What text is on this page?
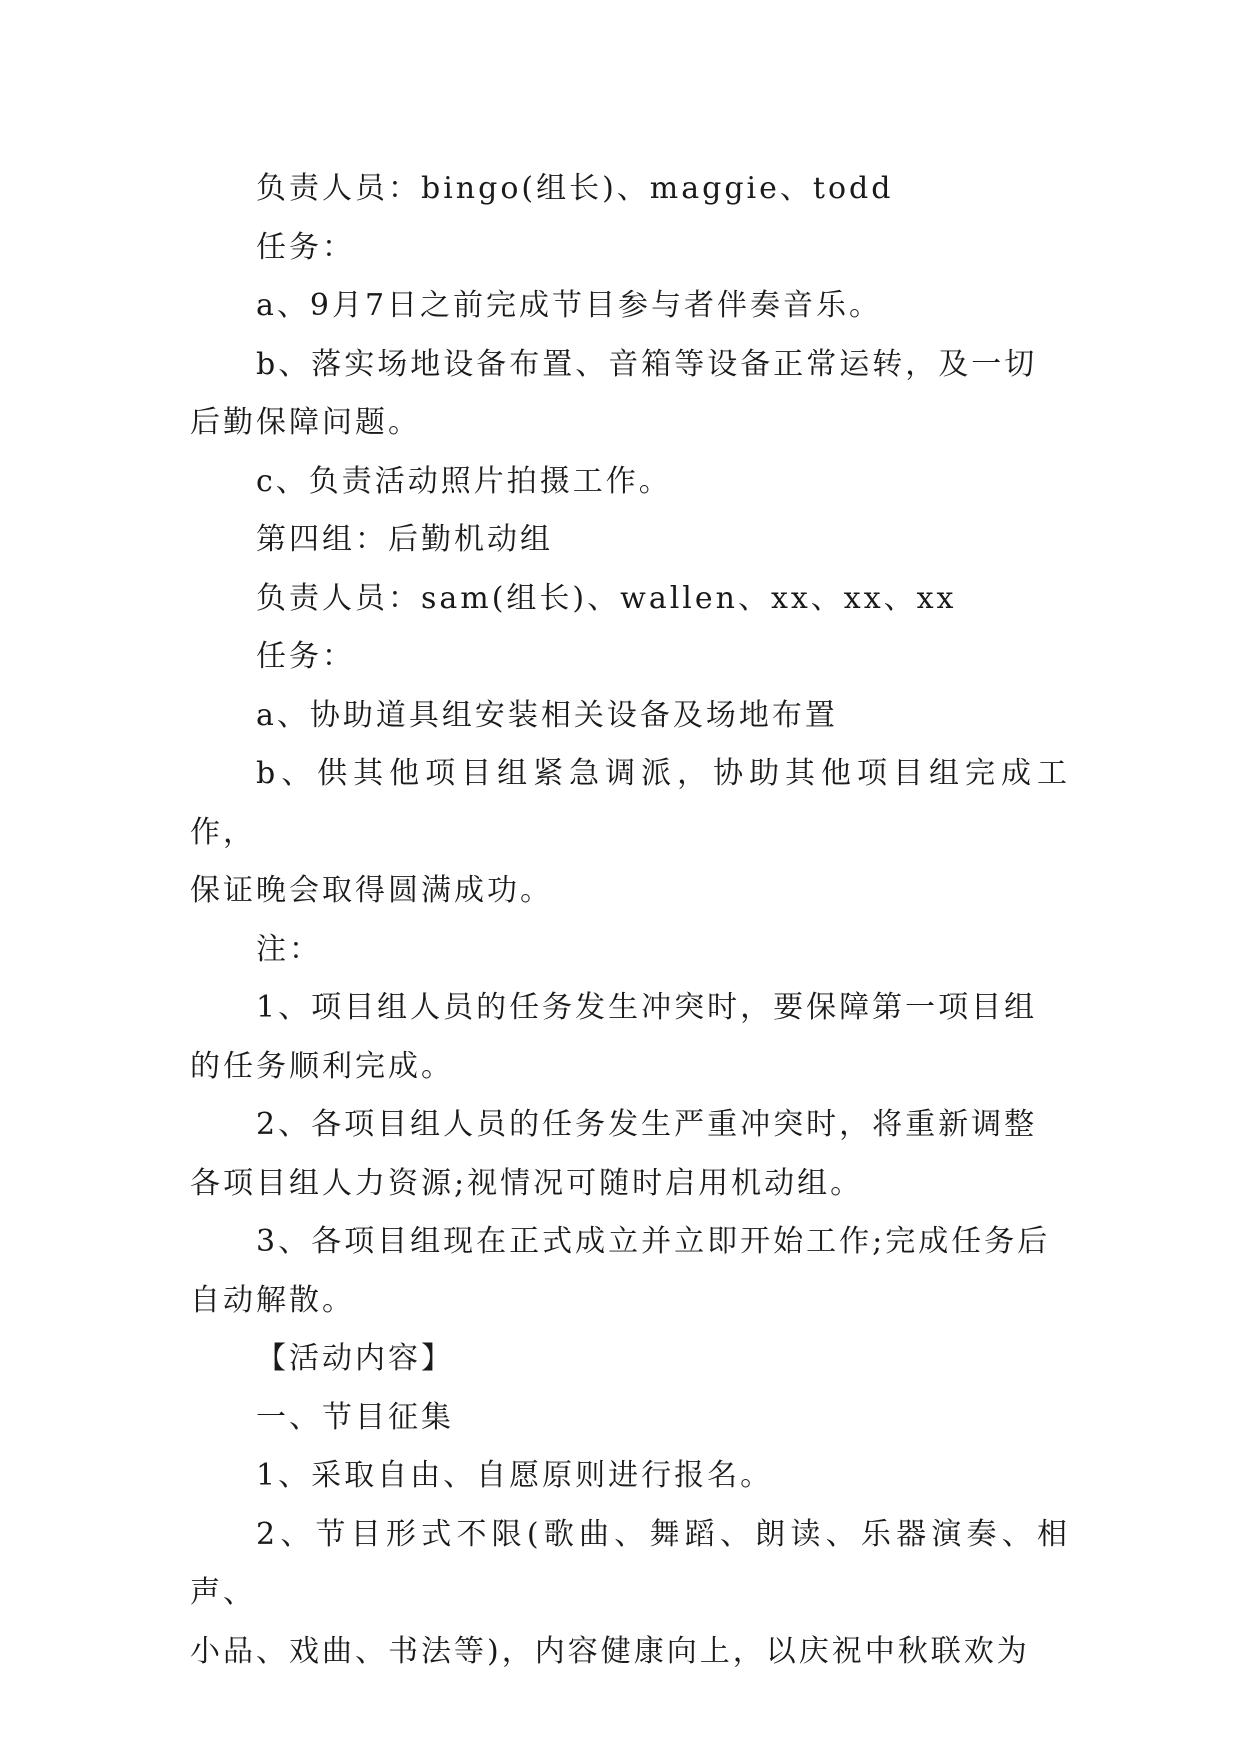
负责人员：bingo(组长)、maggie、todd
任务：
a、9月7日之前完成节目参与者伴奏音乐。
b、落实场地设备布置、音箱等设备正常运转，及一切
后勤保障问题。
c、负责活动照片拍摄工作。
第四组：后勤机动组
负责人员：sam(组长)、wallen、xx、xx、xx
任务：
a、协助道具组安装相关设备及场地布置
b、供其他项目组紧急调派，协助其他项目组完成工作，
保证晚会取得圆满成功。
注：
1、项目组人员的任务发生冲突时，要保障第一项目组
的任务顺利完成。
2、各项目组人员的任务发生严重冲突时，将重新调整
各项目组人力资源;视情况可随时启用机动组。
3、各项目组现在正式成立并立即开始工作;完成任务后
自动解散。
【活动内容】
一、节目征集
1、采取自由、自愿原则进行报名。
2、节目形式不限(歌曲、舞蹈、朗读、乐器演奏、相声、
小品、戏曲、书法等)，内容健康向上，以庆祝中秋联欢为
